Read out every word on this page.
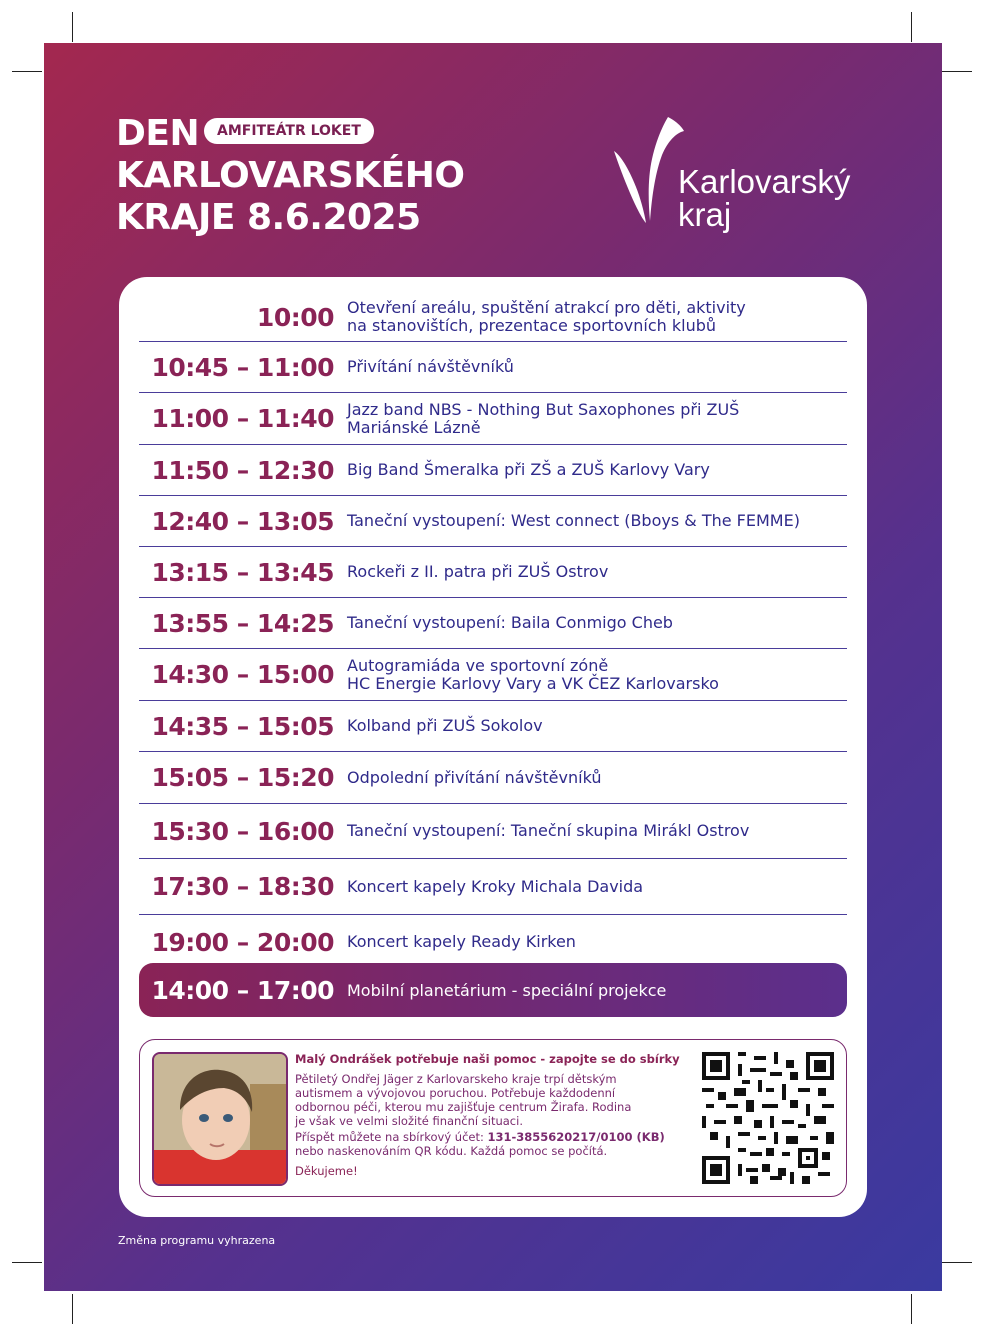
DEN
KARLOVARSKÉHO
KRAJE 8.6.2025
AMFITEÁTR LOKET
Karlovarský
kraj
10:00 Otevření areálu, spuštění atrakcí pro děti, aktivity
na stanovištích, prezentace sportovních klubů
10:45 – 11:00 Přivítání návštěvníků
11:00 – 11:40 Jazz band NBS - Nothing But Saxophones při ZUŠ
Mariánské Lázně
11:50 – 12:30 Big Band Šmeralka při ZŠ a ZUŠ Karlovy Vary
12:40 – 13:05 Taneční vystoupení: West connect (Bboys & The FEMME)
13:15 – 13:45 Rockeři z II. patra při ZUŠ Ostrov
13:55 – 14:25 Taneční vystoupení: Baila Conmigo Cheb
14:30 – 15:00 Autogramiáda ve sportovní zóně
HC Energie Karlovy Vary a VK ČEZ Karlovarsko
14:35 – 15:05 Kolband při ZUŠ Sokolov
15:05 – 15:20 Odpolední přivítání návštěvníků
15:30 – 16:00 Taneční vystoupení: Taneční skupina Mirákl Ostrov
17:30 – 18:30 Koncert kapely Kroky Michala Davida
19:00 – 20:00 Koncert kapely Ready Kirken
14:00 – 17:00 Mobilní planetárium - speciální projekce
Malý Ondrášek potřebuje naši pomoc - zapojte se do sbírky
Pětiletý Ondřej Jäger z Karlovarskeho kraje trpí dětským
autismem a vývojovou poruchou. Potřebuje každodenní
odbornou péči, kterou mu zajišťuje centrum Žirafa. Rodina
je však ve velmi složité finanční situaci.
Příspět můžete na sbírkový účet: 131-3855620217/0100 (KB)
nebo naskenováním QR kódu. Každá pomoc se počítá.
Děkujeme!
Změna programu vyhrazena
